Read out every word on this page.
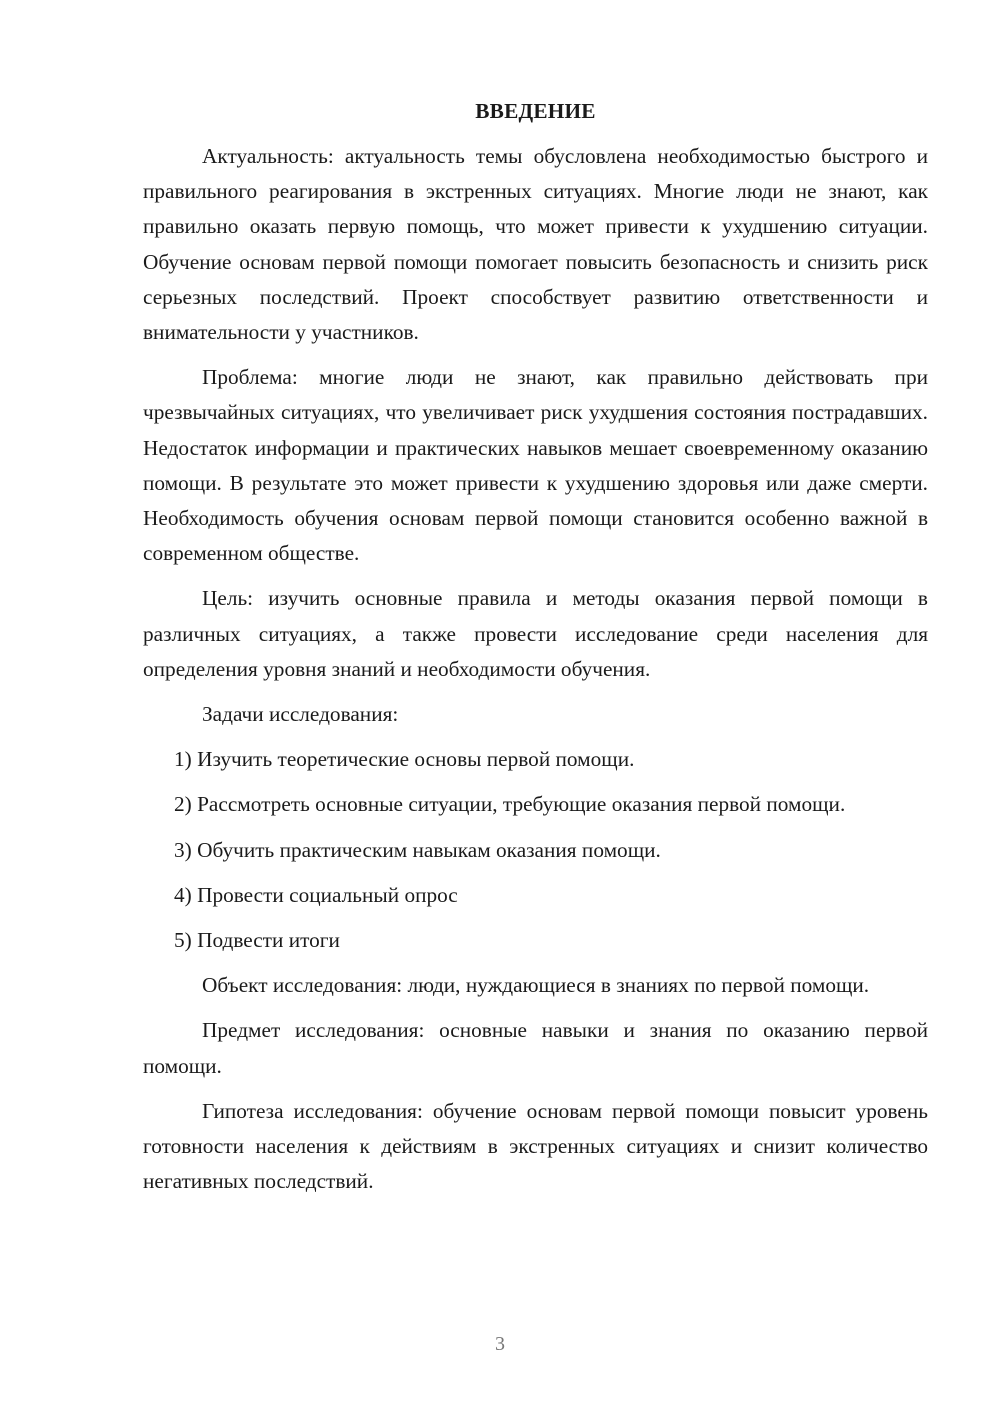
ВВЕДЕНИЕ
Актуальность: актуальность темы обусловлена необходимостью быстрого и правильного реагирования в экстренных ситуациях. Многие люди не знают, как правильно оказать первую помощь, что может привести к ухудшению ситуации. Обучение основам первой помощи помогает повысить безопасность и снизить риск серьезных последствий. Проект способствует развитию ответственности и внимательности у участников.
Проблема: многие люди не знают, как правильно действовать при чрезвычайных ситуациях, что увеличивает риск ухудшения состояния пострадавших. Недостаток информации и практических навыков мешает своевременному оказанию помощи. В результате это может привести к ухудшению здоровья или даже смерти. Необходимость обучения основам первой помощи становится особенно важной в современном обществе.
Цель: изучить основные правила и методы оказания первой помощи в различных ситуациях, а также провести исследование среди населения для определения уровня знаний и необходимости обучения.
Задачи исследования:
1) Изучить теоретические основы первой помощи.
2) Рассмотреть основные ситуации, требующие оказания первой помощи.
3) Обучить практическим навыкам оказания помощи.
4) Провести социальный опрос
5) Подвести итоги
Объект исследования: люди, нуждающиеся в знаниях по первой помощи.
Предмет исследования: основные навыки и знания по оказанию первой помощи.
Гипотеза исследования: обучение основам первой помощи повысит уровень готовности населения к действиям в экстренных ситуациях и снизит количество негативных последствий.
3
